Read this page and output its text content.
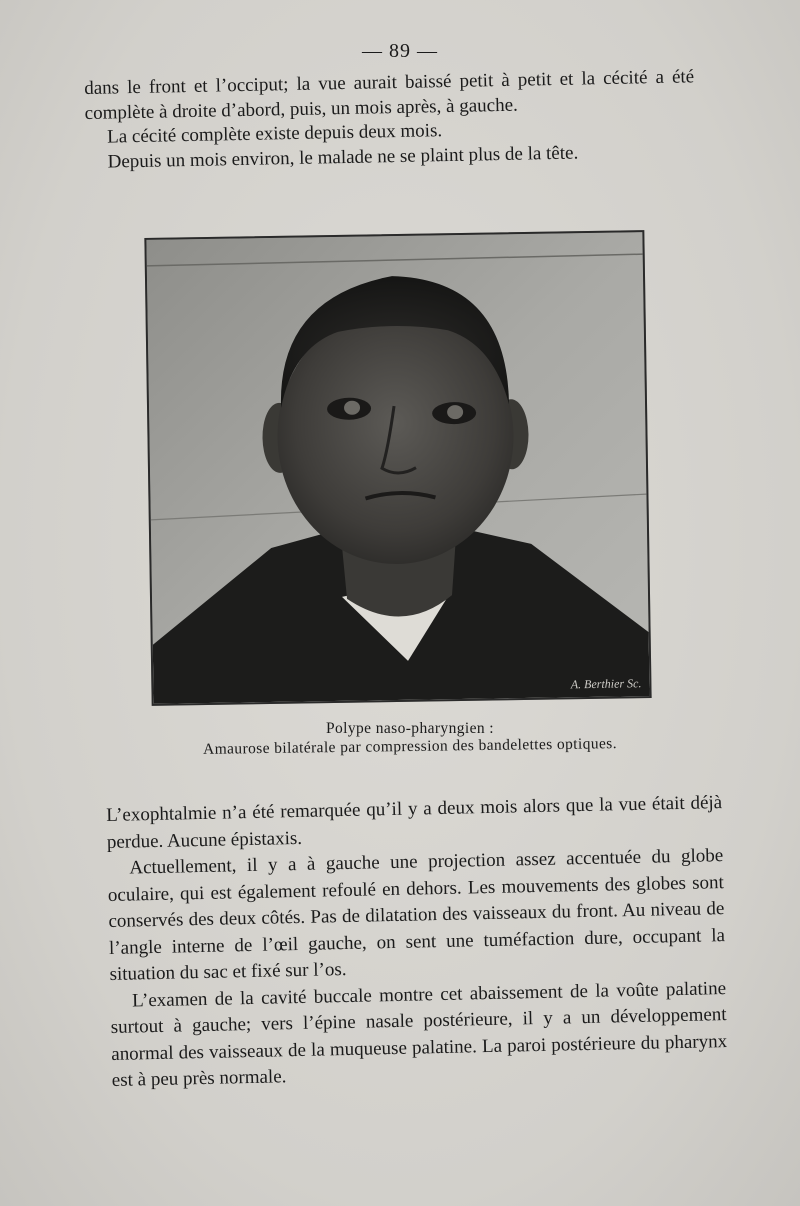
— 89 —

dans le front et l’occiput; la vue aurait baissé petit à petit et la cécité a été complète à droite d’abord, puis, un mois après, à gauche.

La cécité complète existe depuis deux mois.

Depuis un mois environ, le malade ne se plaint plus de la tête.

A. Berthier Sc.
Polype naso-pharyngien :
Amaurose bilatérale par compression des bandelettes optiques.

L’exophtalmie n’a été remarquée qu’il y a deux mois alors que la vue était déjà perdue. Aucune épistaxis.

Actuellement, il y a à gauche une projection assez accentuée du globe oculaire, qui est également refoulé en dehors. Les mouvements des globes sont conservés des deux côtés. Pas de dilatation des vaisseaux du front. Au niveau de l’angle interne de l’œil gauche, on sent une tuméfaction dure, occupant la situation du sac et fixé sur l’os.

L’examen de la cavité buccale montre cet abaissement de la voûte palatine surtout à gauche; vers l’épine nasale postérieure, il y a un développement anormal des vaisseaux de la muqueuse palatine. La paroi postérieure du pharynx est à peu près normale.
